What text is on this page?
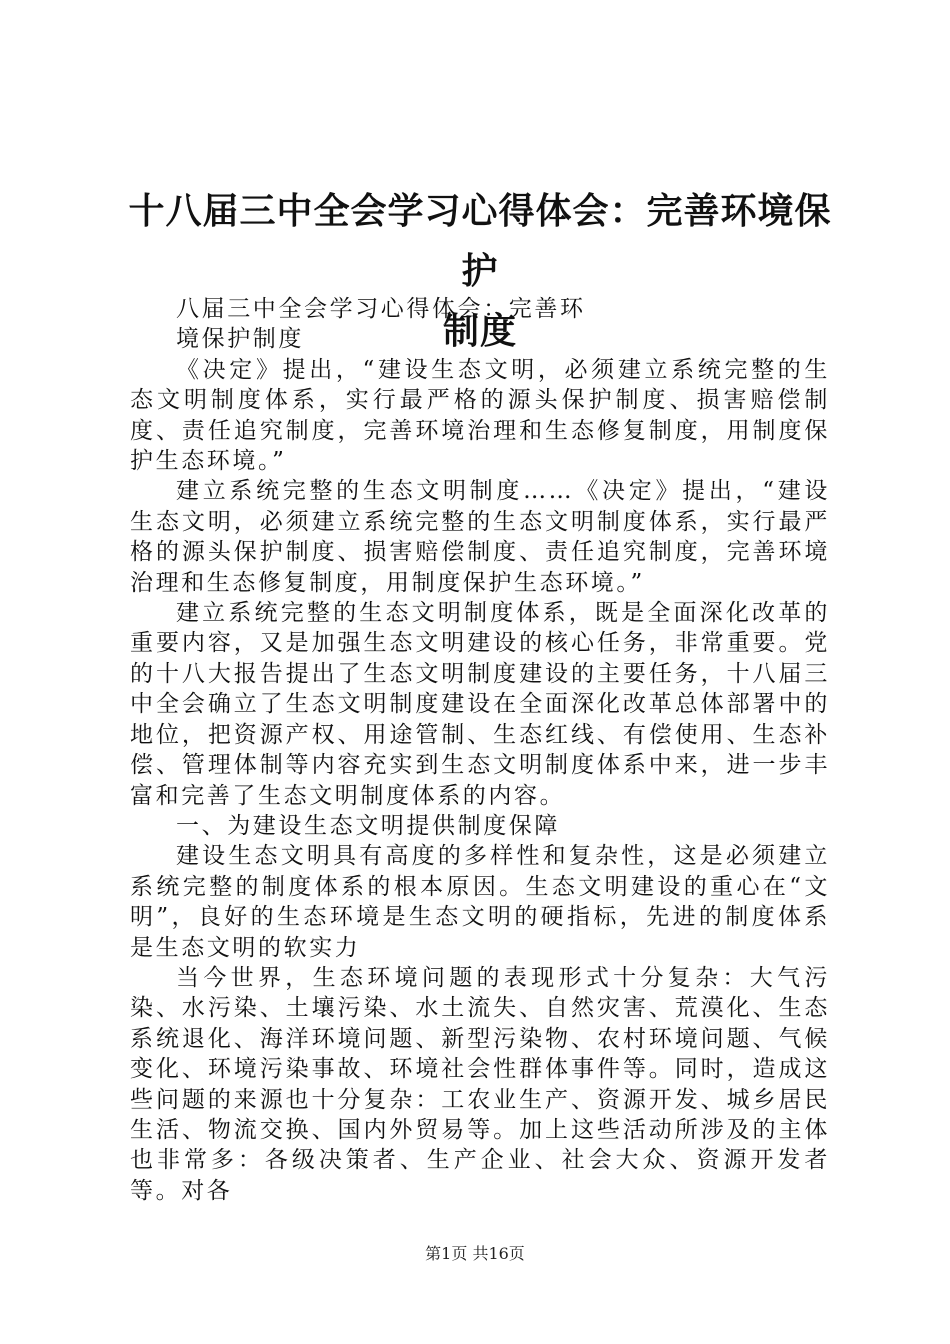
十八届三中全会学习心得体会：完善环境保护
制度

八届三中全会学习心得体会：完善环

境保护制度

《决定》提出，“建设生态文明，必须建立系统完整的生态文明制度体系，实行最严格的源头保护制度、损害赔偿制度、责任追究制度，完善环境治理和生态修复制度，用制度保护生态环境。”

建立系统完整的生态文明制度……《决定》提出，“建设生态文明，必须建立系统完整的生态文明制度体系，实行最严格的源头保护制度、损害赔偿制度、责任追究制度，完善环境治理和生态修复制度，用制度保护生态环境。”

建立系统完整的生态文明制度体系，既是全面深化改革的重要内容，又是加强生态文明建设的核心任务，非常重要。党的十八大报告提出了生态文明制度建设的主要任务，十八届三中全会确立了生态文明制度建设在全面深化改革总体部署中的地位，把资源产权、用途管制、生态红线、有偿使用、生态补偿、管理体制等内容充实到生态文明制度体系中来，进一步丰富和完善了生态文明制度体系的内容。

一、为建设生态文明提供制度保障

建设生态文明具有高度的多样性和复杂性，这是必须建立系统完整的制度体系的根本原因。生态文明建设的重心在“文明”，良好的生态环境是生态文明的硬指标，先进的制度体系是生态文明的软实力

当今世界，生态环境问题的表现形式十分复杂：大气污染、水污染、土壤污染、水土流失、自然灾害、荒漠化、生态系统退化、海洋环境问题、新型污染物、农村环境问题、气候变化、环境污染事故、环境社会性群体事件等。同时，造成这些问题的来源也十分复杂：工农业生产、资源开发、城乡居民生活、物流交换、国内外贸易等。加上这些活动所涉及的主体也非常多：各级决策者、生产企业、社会大众、资源开发者等。对各

第1页 共16页
